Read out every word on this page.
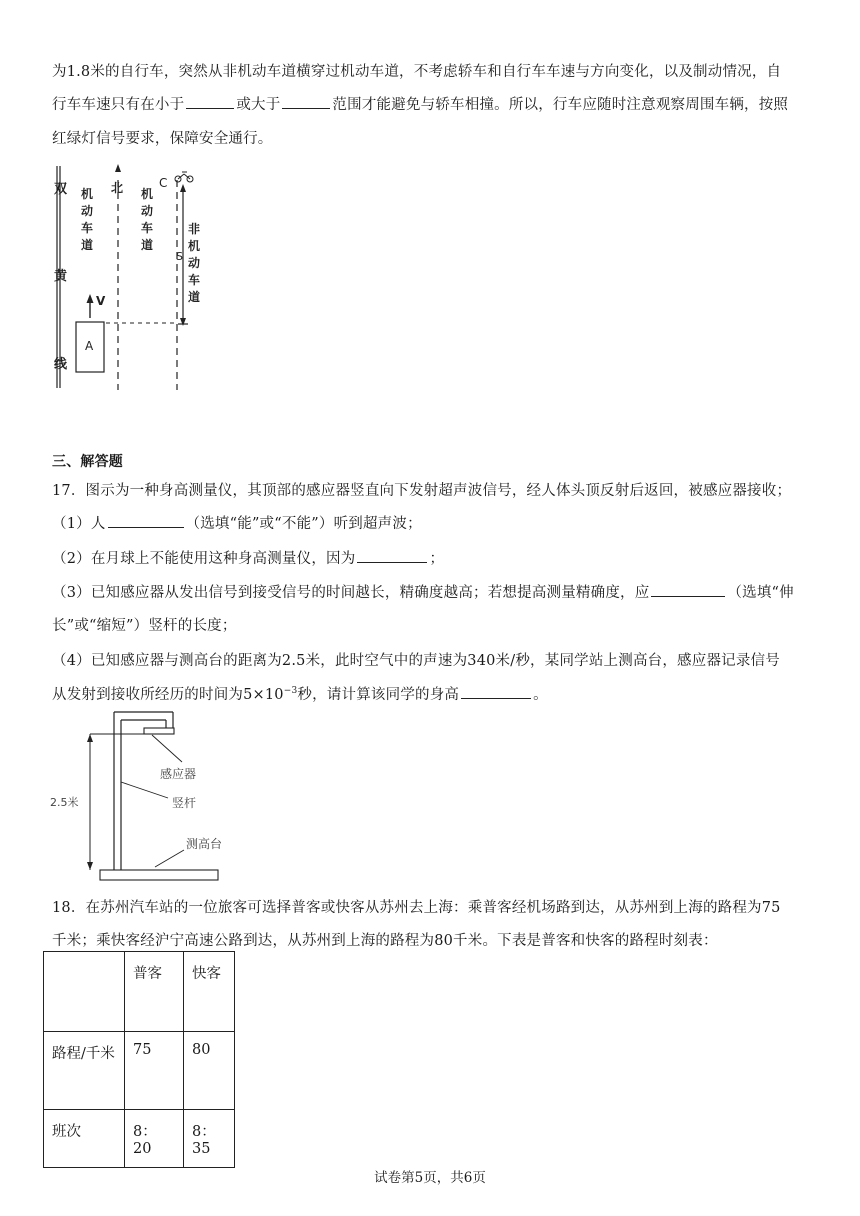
为1.8米的自行车，突然从非机动车道横穿过机动车道，不考虑轿车和自行车车速与方向变化，以及制动情况，自
行车车速只有在小于	或大于	范围才能避免与轿车相撞。所以，行车应随时注意观察周围车辆，按照
红绿灯信号要求，保障安全通行。
双
黄
线
机
动
车
道
机
动
车
道
非
机
动
车
道
北	C
S
A
V
三、解答题
17．图示为一种身高测量仪，其顶部的感应器竖直向下发射超声波信号，经人体头顶反射后返回，被感应器接收；
（1）人	（选填“能”或“不能”）听到超声波；
（2）在月球上不能使用这种身高测量仪，因为	；
（3）已知感应器从发出信号到接受信号的时间越长，精确度越高；若想提高测量精确度，应	（选填“伸
长”或“缩短”）竖杆的长度；
（4）已知感应器与测高台的距离为2.5米，此时空气中的声速为340米/秒，某同学站上测高台，感应器记录信号
从发射到接收所经历的时间为$5\times 10^{-3}$秒，请计算该同学的身高	。
感应器
竖杆
测高台
2.5米
18．在苏州汽车站的一位旅客可选择普客或快客从苏州去上海：乘普客经机场路到达，从苏州到上海的路程为75
千米；乘快客经沪宁高速公路到达，从苏州到上海的路程为80千米。下表是普客和快客的路程时刻表：
	普客	快客
路程/千米	75	80
班次	8：20	8：35
试卷第5页，共6页
